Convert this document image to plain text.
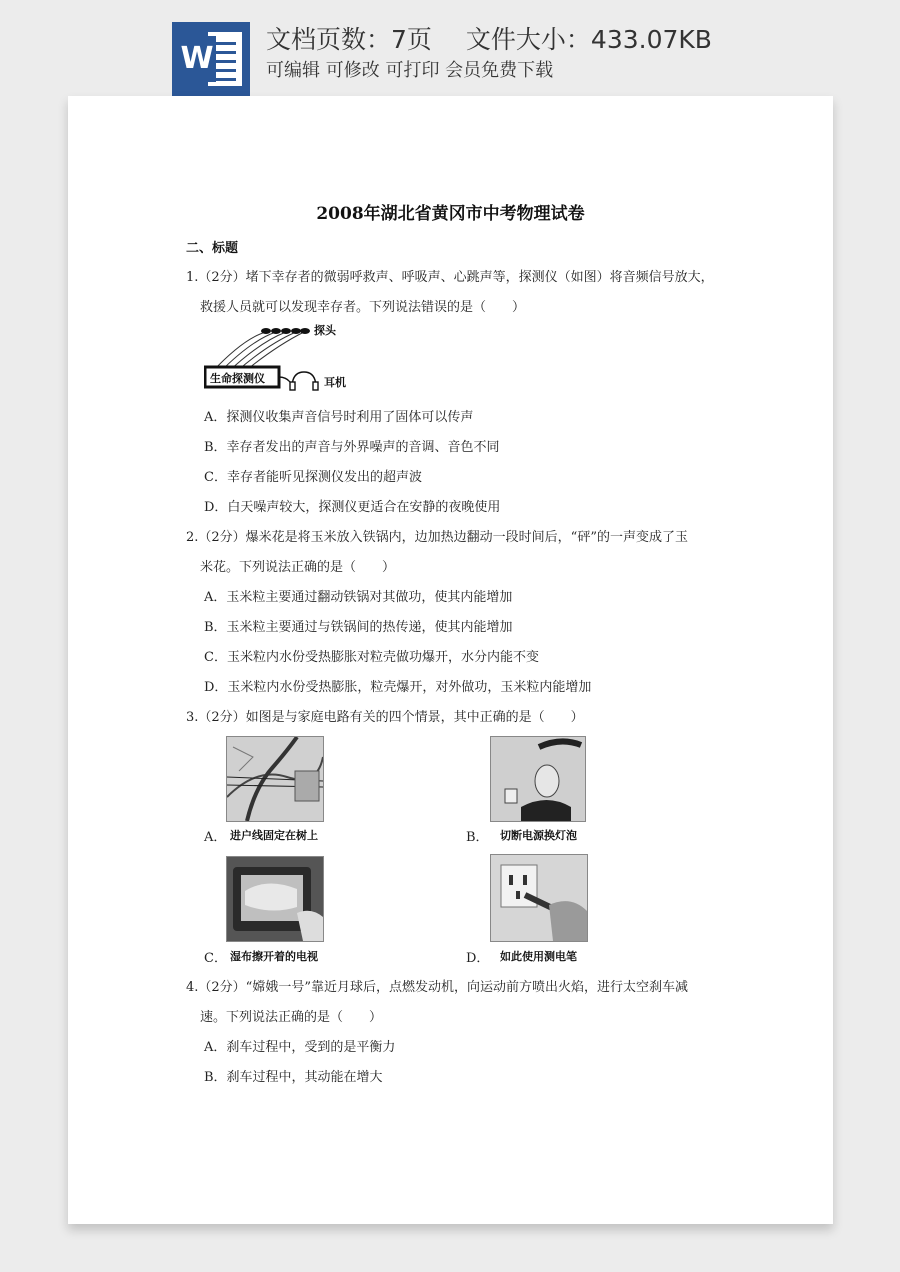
W
文档页数：7页 文件大小：433.07KB
可编辑 可修改 可打印 会员免费下载
2008年湖北省黄冈市中考物理试卷
二、标题
1.（2分）堵下幸存者的微弱呼救声、呼吸声、心跳声等，探测仪（如图）将音频信号放大，
救援人员就可以发现幸存者。下列说法错误的是（　　）
探头
生命探测仪	耳机
A．探测仪收集声音信号时利用了固体可以传声
B．幸存者发出的声音与外界噪声的音调、音色不同
C．幸存者能听见探测仪发出的超声波
D．白天噪声较大，探测仪更适合在安静的夜晚使用
2.（2分）爆米花是将玉米放入铁锅内，边加热边翻动一段时间后，“砰”的一声变成了玉
米花。下列说法正确的是（　　）
A．玉米粒主要通过翻动铁锅对其做功，使其内能增加
B．玉米粒主要通过与铁锅间的热传递，使其内能增加
C．玉米粒内水份受热膨胀对粒壳做功爆开，水分内能不变
D．玉米粒内水份受热膨胀，粒壳爆开，对外做功，玉米粒内能增加
3.（2分）如图是与家庭电路有关的四个情景，其中正确的是（　　）
A． 进户线固定在树上	B． 切断电源换灯泡
C． 湿布擦开着的电视	D． 如此使用测电笔
4.（2分）“嫦娥一号”靠近月球后，点燃发动机，向运动前方喷出火焰，进行太空刹车减
速。下列说法正确的是（　　）
A．刹车过程中，受到的是平衡力
B．刹车过程中，其动能在增大
